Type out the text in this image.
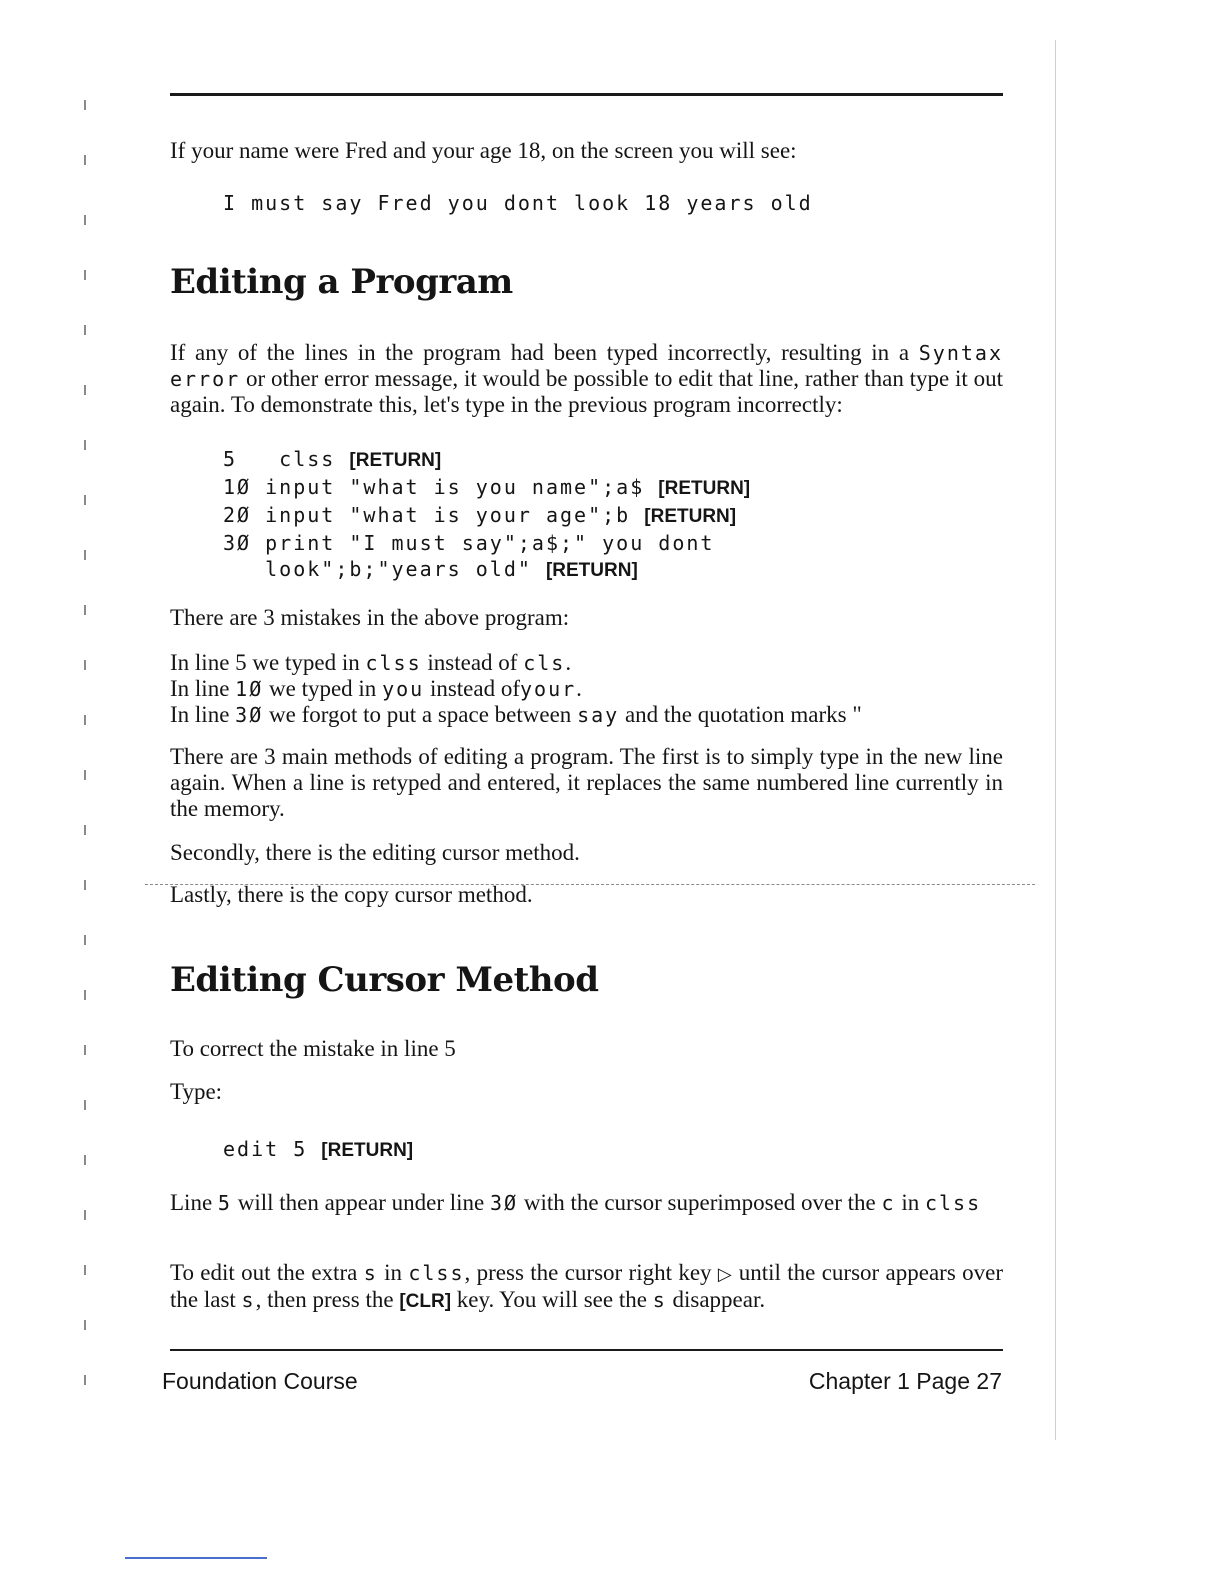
If your name were Fred and your age 18, on the screen you will see:

I must say Fred you dont look 18 years old

Editing a Program

If any of the lines in the program had been typed incorrectly, resulting in a Syntax error or other error message, it would be possible to edit that line, rather than type it out again. To demonstrate this, let's type in the previous program incorrectly:

5 clss [RETURN]
1Ø input "what is you name";a$ [RETURN]
2Ø input "what is your age";b [RETURN]
3Ø print "I must say";a$;" you dont
look";b;"years old" [RETURN]

There are 3 mistakes in the above program:

In line 5 we typed in clss instead of cls.
In line 1Ø we typed in you instead ofyour.
In line 3Ø we forgot to put a space between say and the quotation marks "

There are 3 main methods of editing a program. The first is to simply type in the new line again. When a line is retyped and entered, it replaces the same numbered line currently in the memory.

Secondly, there is the editing cursor method.

Lastly, there is the copy cursor method.

Editing Cursor Method

To correct the mistake in line 5

Type:

edit 5 [RETURN]

Line 5 will then appear under line 3Ø with the cursor superimposed over the c in clss

To edit out the extra s in clss, press the cursor right key ▷ until the cursor appears over the last s, then press the [CLR] key. You will see the s disappear.

Foundation Course	Chapter 1 Page 27
